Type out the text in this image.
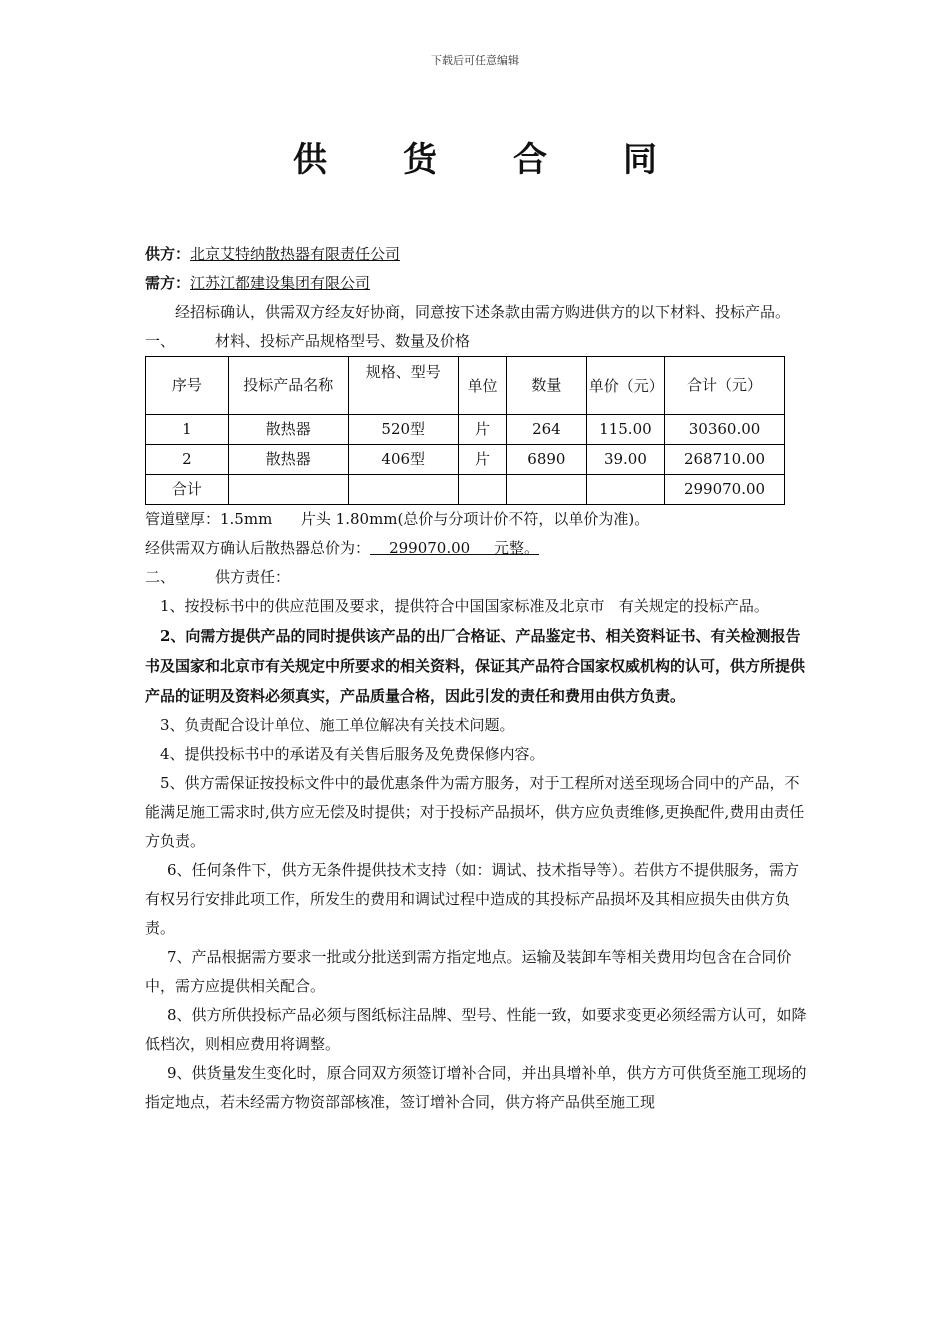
下载后可任意编辑
供 货 合 同
供方：北京艾特纳散热器有限责任公司
需方：江苏江都建设集团有限公司
经招标确认，供需双方经友好协商，同意按下述条款由需方购进供方的以下材料、投标产品。
一、	材料、投标产品规格型号、数量及价格
序号	投标产品名称	规格、型号	单位	数量	单价（元）	合计（元）
1	散热器	520型	片	264	115.00	30360.00
2	散热器	406型	片	6890	39.00	268710.00
合计						299070.00
管道壁厚：1.5mm      片头 1.80mm(总价与分项计价不符，以单价为准)。
经供需双方确认后散热器总价为：    299070.00     元整。
二、	供方责任：
1、按投标书中的供应范围及要求，提供符合中国国家标准及北京市   有关规定的投标产品。
2、向需方提供产品的同时提供该产品的出厂合格证、产品鉴定书、相关资料证书、有关检测报告书及国家和北京市有关规定中所要求的相关资料，保证其产品符合国家权威机构的认可，供方所提供产品的证明及资料必须真实，产品质量合格，因此引发的责任和费用由供方负责。
3、负责配合设计单位、施工单位解决有关技术问题。
4、提供投标书中的承诺及有关售后服务及免费保修内容。
5、供方需保证按投标文件中的最优惠条件为需方服务，对于工程所对送至现场合同中的产品，不能满足施工需求时,供方应无偿及时提供；对于投标产品损坏，供方应负责维修,更换配件,费用由责任方负责。
6、任何条件下，供方无条件提供技术支持（如：调试、技术指导等）。若供方不提供服务，需方有权另行安排此项工作，所发生的费用和调试过程中造成的其投标产品损坏及其相应损失由供方负责。
7、产品根据需方要求一批或分批送到需方指定地点。运输及装卸车等相关费用均包含在合同价中，需方应提供相关配合。
8、供方所供投标产品必须与图纸标注品牌、型号、性能一致，如要求变更必须经需方认可，如降低档次，则相应费用将调整。
9、供货量发生变化时，原合同双方须签订增补合同，并出具增补单，供方方可供货至施工现场的指定地点，若未经需方物资部部核准，签订增补合同，供方将产品供至施工现
